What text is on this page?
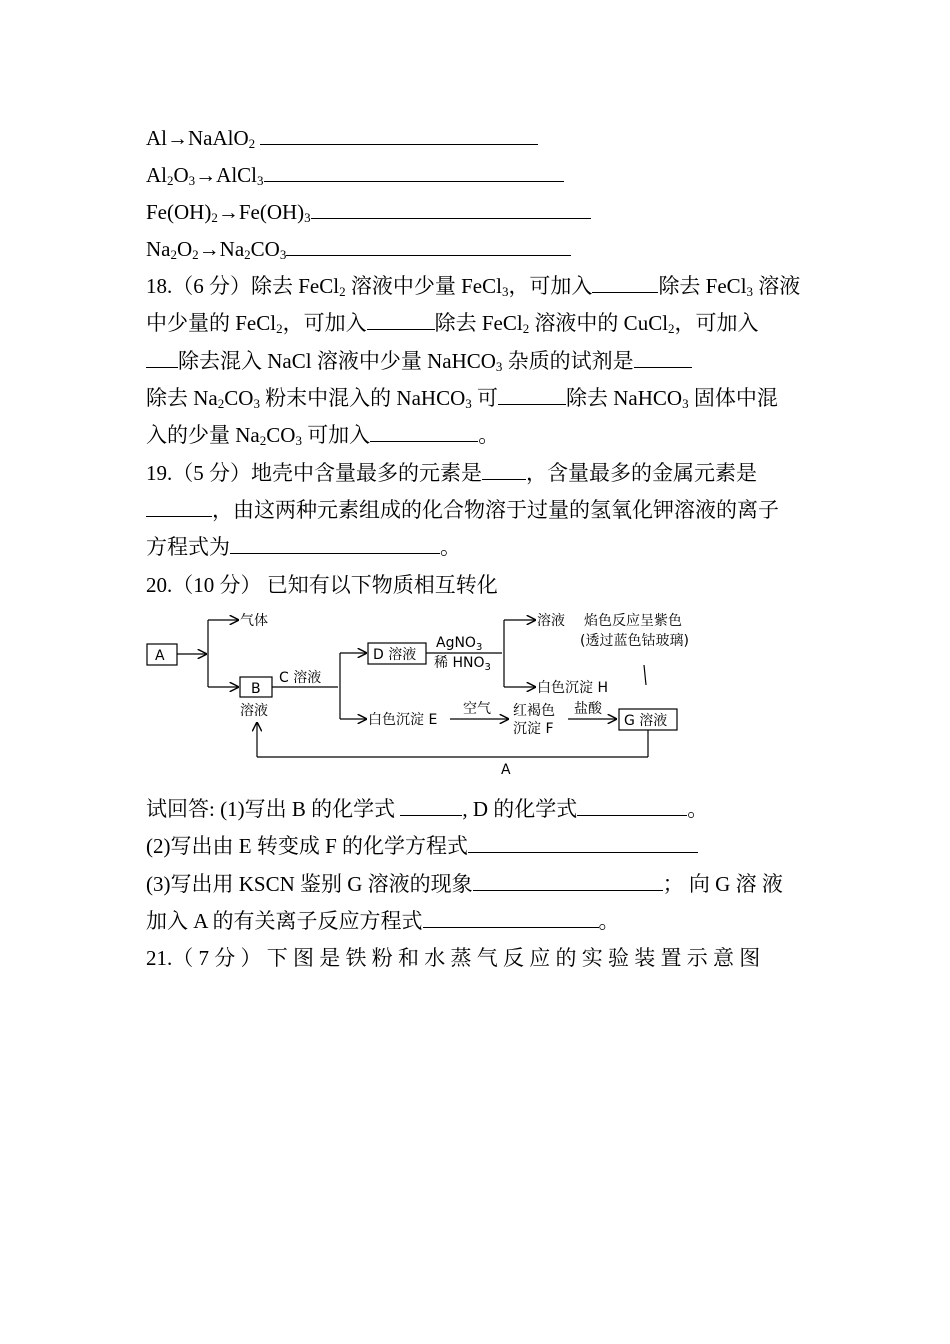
Al→NaAlO$_2$
$Al_2O_3\to AlCl_3$
$Fe(OH)_2\to Fe(OH)_3$
$Na_2O_2\to Na_2CO_3$
18.（6 分）除去 FeCl$_2$ 溶液中少量 FeCl$_3$，可加入	除去 FeCl$_3$ 溶液
中少量的 FeCl$_2$，可加入	除去 FeCl$_2$ 溶液中的 CuCl$_2$，可加入
除去混入 NaCl 溶液中少量 NaHCO$_3$ 杂质的试剂是
除去 $Na_2CO_3$ 粉末中混入的 NaHCO$_3$ 可	除去 NaHCO$_3$ 固体中混
入的少量 $Na_2CO_3$ 可加入	。
19.（5 分）地壳中含量最多的元素是 ，含量最多的金属元素是
，由这两种元素组成的化合物溶于过量的氢氧化钾溶液的离子
方程式为	。
20.（10 分） 已知有以下物质相互转化
A
气体
B
溶液
C 溶液
D 溶液
AgNO$_3$
稀 $HNO_3$
溶液 焰色反应呈紫色
(透过蓝色钴玻璃)
白色沉淀 H
白色沉淀 E
空气 红褐色
沉淀 F
盐酸
G 溶液
A
试回答: (1)写出 B 的化学式	, D 的化学式	。
(2)写出由 E 转变成 F 的化学方程式
(3)写出用 KSCN 鉴别 G 溶液的现象	； 向 G 溶 液
加入 A 的有关离子反应方程式	。
21.（ 7 分 ） 下 图 是 铁 粉 和 水 蒸 气 反 应 的 实 验 装 置 示 意 图
